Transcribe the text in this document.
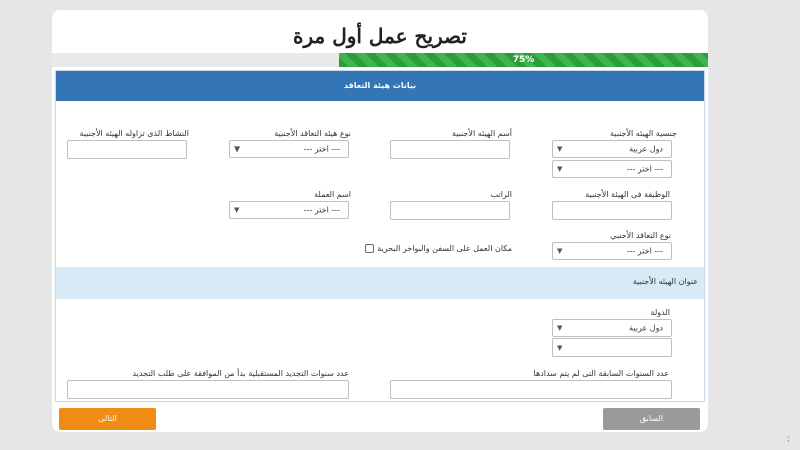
تصريح عمل أول مرة
75%
بيانات هيئة التعاقد
جنسية الهيئه الأجنبية
دول عربية
▼
--- اختر ---
▼
أسم الهيئه الأجنبية
نوع هيئه التعاقد الأجنبية
--- اختر ---
▼
النشاط الذى تزاوله الهيئه الأجنبية
الوظيفة فى الهيئة الأجنبية
الراتب
اسم العملة
--- اختر ---
▼
نوع التعاقد الأجنبي
--- اختر ---
▼
مكان العمل على السفن والبواخر البحرية
عنوان الهيئه الأجنبية
الدولة
دول عربية
▼
▼
عدد السنوات السابقة التى لم يتم سدادها
عدد سنوات التجديد المستقبلية بدأ من الموافقة على طلب التجديد
السابق
التالى
;
